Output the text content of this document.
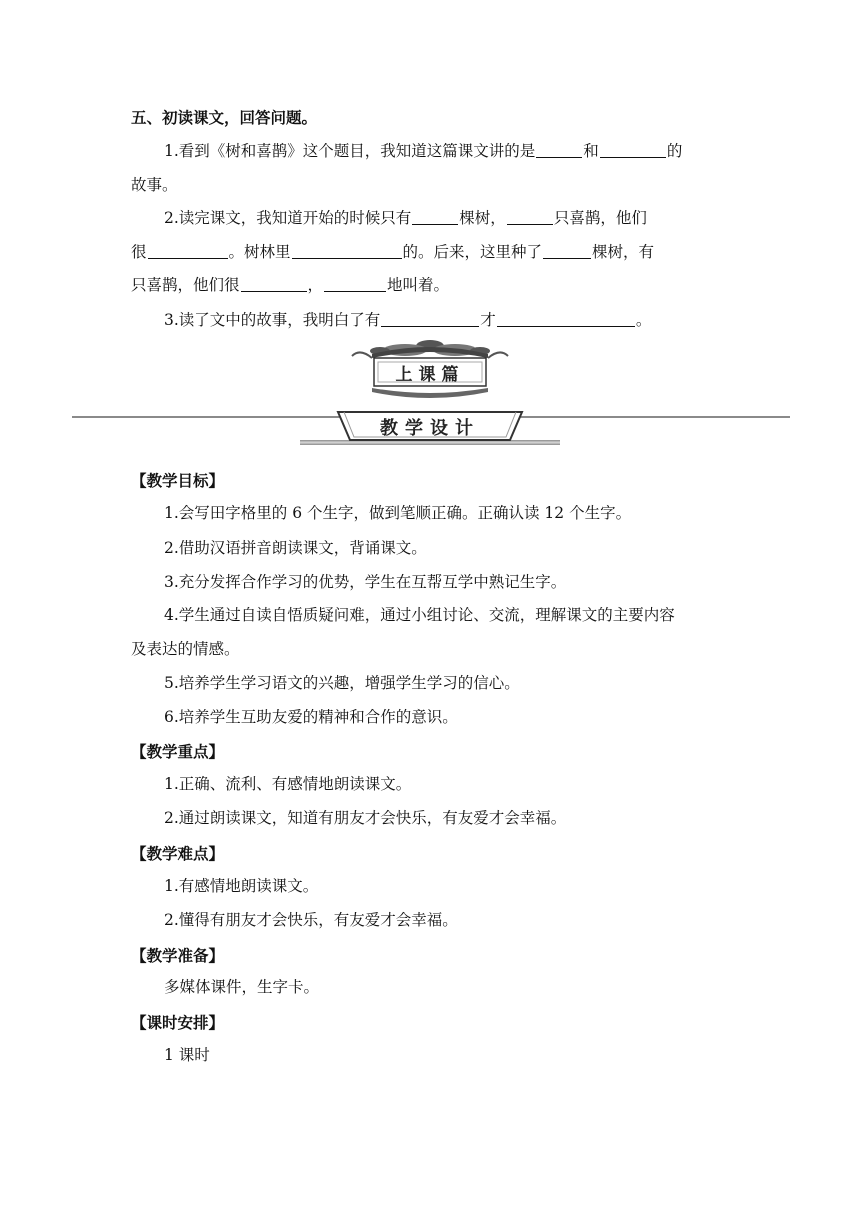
五、初读课文，回答问题。
1.看到《树和喜鹊》这个题目，我知道这篇课文讲的是	和	的
故事。
2.读完课文，我知道开始的时候只有	棵树，	只喜鹊，他们
很	。树林里	的。后来，这里种了	棵树，有
只喜鹊，他们很	，	地叫着。
3.读了文中的故事，我明白了有	才	。
上课篇
教学设计
【教学目标】
1.会写田字格里的 6 个生字，做到笔顺正确。正确认读 12 个生字。
2.借助汉语拼音朗读课文，背诵课文。
3.充分发挥合作学习的优势，学生在互帮互学中熟记生字。
4.学生通过自读自悟质疑问难，通过小组讨论、交流，理解课文的主要内容
及表达的情感。
5.培养学生学习语文的兴趣，增强学生学习的信心。
6.培养学生互助友爱的精神和合作的意识。
【教学重点】
1.正确、流利、有感情地朗读课文。
2.通过朗读课文，知道有朋友才会快乐，有友爱才会幸福。
【教学难点】
1.有感情地朗读课文。
2.懂得有朋友才会快乐，有友爱才会幸福。
【教学准备】
多媒体课件，生字卡。
【课时安排】
1 课时
